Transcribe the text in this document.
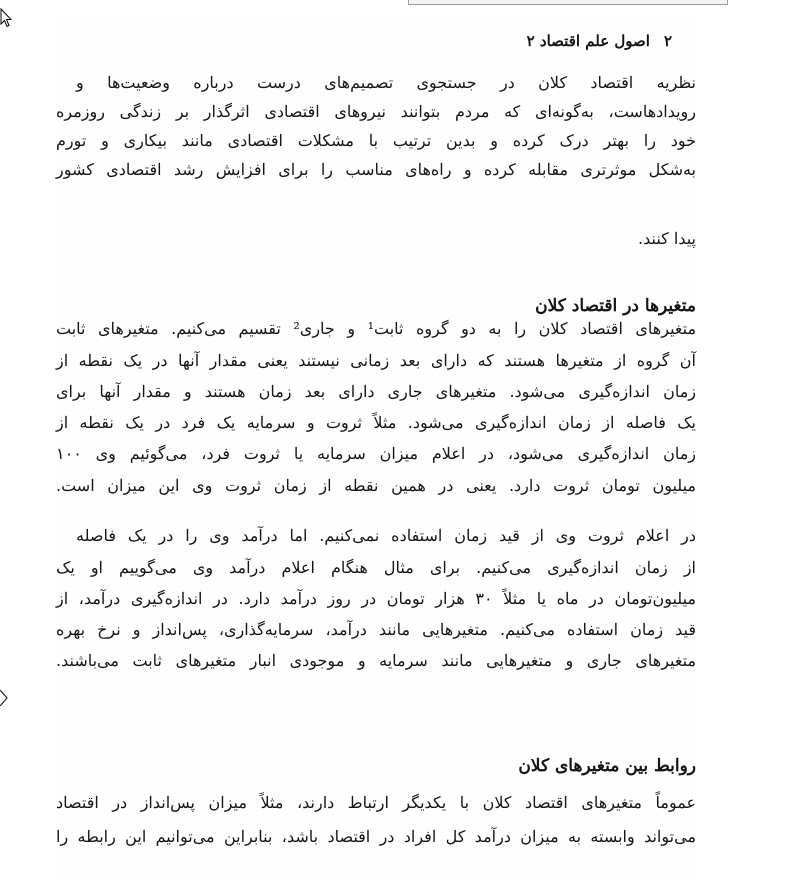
۲
اصول علم اقتصاد ۲
نظریه اقتصاد کلان در جستجوی تصمیم‌های درست درباره وضعیت‌ها و
رویدادهاست، به‌گونه‌ای که مردم بتوانند نیروهای اقتصادی اثرگذار بر زندگی روزمره
خود را بهتر درک کرده و بدین ترتیب با مشکلات اقتصادی مانند بیکاری و تورم
به‌شکل موثرتری مقابله کرده و راه‌های مناسب را برای افزایش رشد اقتصادی کشور
پیدا کنند.
متغیرها در اقتصاد کلان
متغیرهای اقتصاد کلان را به دو گروه ثابت¹ و جاری² تقسیم می‌کنیم. متغیرهای ثابت
آن گروه از متغیرها هستند که دارای بعد زمانی نیستند یعنی مقدار آنها در یک نقطه از
زمان اندازه‌گیری می‌شود. متغیرهای جاری دارای بعد زمان هستند و مقدار آنها برای
یک فاصله از زمان اندازه‌گیری می‌شود. مثلاً ثروت و سرمایه یک فرد در یک نقطه از
زمان اندازه‌گیری می‌شود، در اعلام میزان سرمایه یا ثروت فرد، می‌گوئیم وی ۱۰۰
میلیون تومان ثروت دارد. یعنی در همین نقطه از زمان ثروت وی این میزان است.
در اعلام ثروت وی از قید زمان استفاده نمی‌کنیم. اما درآمد وی را در یک فاصله
از زمان اندازه‌گیری می‌کنیم. برای مثال هنگام اعلام درآمد وی می‌گوییم او یک
میلیون‌تومان در ماه یا مثلاً ۳۰ هزار تومان در روز درآمد دارد. در اندازه‌گیری درآمد، از
قید زمان استفاده می‌کنیم. متغیرهایی مانند درآمد، سرمایه‌گذاری، پس‌انداز و نرخ بهره
متغیرهای جاری و متغیرهایی مانند سرمایه و موجودی انبار متغیرهای ثابت می‌باشند.
روابط بین متغیرهای کلان
عموماً متغیرهای اقتصاد کلان با یکدیگر ارتباط دارند، مثلاً میزان پس‌انداز در اقتصاد
می‌تواند وابسته به میزان درآمد کل افراد در اقتصاد باشد، بنابراین می‌توانیم این رابطه را
